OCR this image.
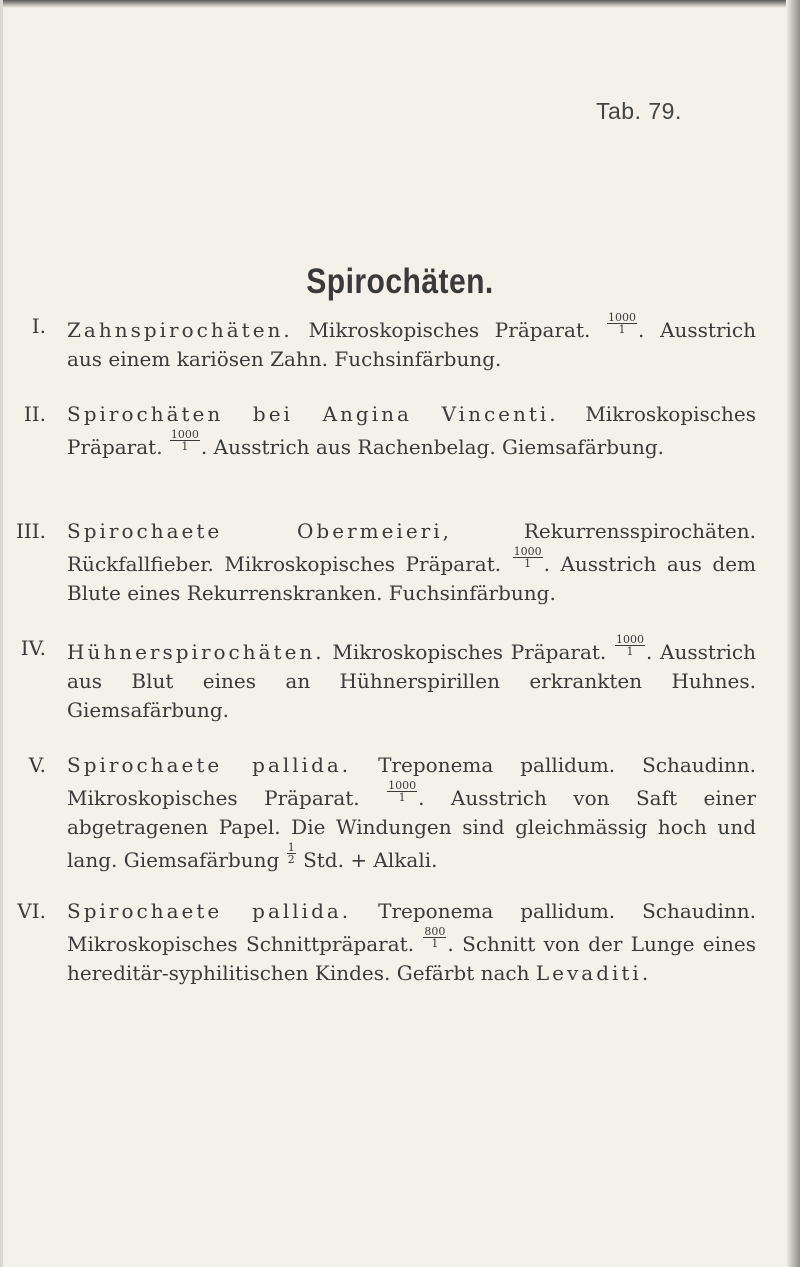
Tab. 79.
Spirochäten.
I. Zahnspirochäten. Mikroskopisches Präparat. $\frac{1000}{1}$ . Ausstrich aus einem kariösen Zahn. Fuchsinfärbung.
II. Spirochäten bei Angina Vincenti. Mikroskopisches Präparat. $\frac{1000}{1}$ . Ausstrich aus Rachenbelag. Giemsafärbung.
III. Spirochaete Obermeieri,	Rekurrensspirochäten. Rückfallfieber. Mikroskopisches Präparat. $\frac{1000}{1}$ . Ausstrich aus dem Blute eines Rekurrenskranken. Fuchsinfärbung.
IV. Hühnerspirochäten. Mikroskopisches Präparat. $\frac{1000}{1}$ . Ausstrich aus Blut eines an Hühnerspirillen erkrankten Huhnes. Giemsafärbung.
V. Spirochaete pallida. Treponema pallidum. Schaudinn. Mikroskopisches Präparat. $\frac{1000}{1}$ . Ausstrich von Saft einer abgetragenen Papel. Die Windungen sind gleichmässig hoch und lang. Giemsafärbung $\frac{1}{2}$ Std. + Alkali.
VI. Spirochaete pallida. Treponema pallidum. Schaudinn. Mikroskopisches Schnittpräparat. $\frac{800}{1}$ . Schnitt von der Lunge eines hereditär-syphilitischen Kindes. Gefärbt nach Levaditi.
